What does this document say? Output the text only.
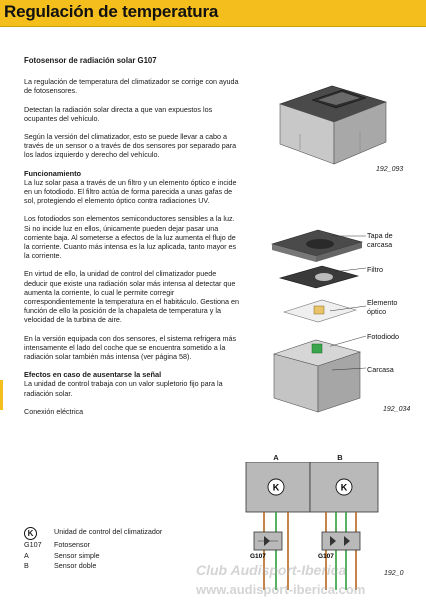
Regulación de temperatura
Fotosensor de radiación solar G107

La regulación de temperatura del climatizador se corrige con ayuda de fotosensores.

Detectan la radiación solar directa a que van expuestos los ocupantes del vehículo.

Según la versión del climatizador, esto se puede llevar a cabo a través de un sensor o a través de dos sensores por separado para los lados izquierdo y derecho del vehículo.

Funcionamiento

La luz solar pasa a través de un filtro y un elemento óptico e incide en un fotodiodo. El filtro actúa de forma parecida a unas gafas de sol, protegiendo el elemento óptico contra radiaciones UV.

Los fotodiodos son elementos semiconductores sensibles a la luz. Si no incide luz en ellos, únicamente pueden dejar pasar una corriente baja. Al someterse a efectos de la luz aumenta el flujo de la corriente. Cuanto más intensa es la luz aplicada, tanto mayor es la corriente.

En virtud de ello, la unidad de control del climatizador puede deducir que existe una radiación solar más intensa al detectar que aumenta la corriente, lo cual le permite corregir correspondientemente la temperatura en el habitáculo. Gestiona en función de ello la posición de la chapaleta de temperatura y la velocidad de la turbina de aire.

En la versión equipada con dos sensores, el sistema refrigera más intensamente el lado del coche que se encuentra sometido a la radiación solar también más intensa (ver página 58).

Efectos en caso de ausentarse la señal

La unidad de control trabaja con un valor supletorio fijo para la radiación solar.

Conexión eléctrica

K	Unidad de control del climatizador
G107	Fotosensor
A	Sensor simple
B	Sensor doble
192_093
Tapa de
carcasa
Filtro
Elemento
óptico
Fotodiodo
Carcasa
192_034
A	B
K
G107
K
G107
192_0
Club Audisport-Iberica
www.audisport-iberica.com
